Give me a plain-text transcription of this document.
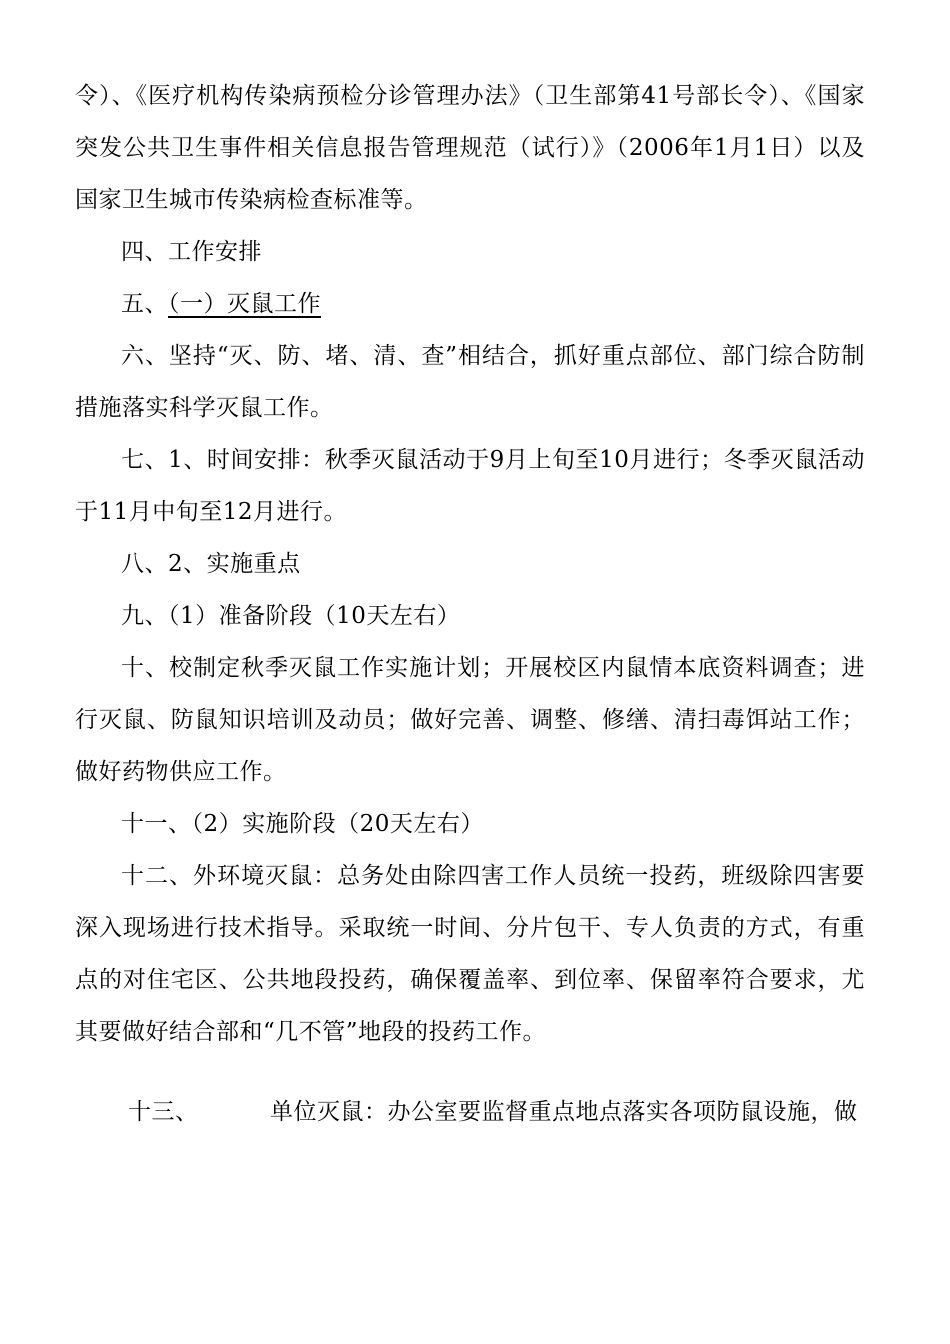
令）、《医疗机构传染病预检分诊管理办法》（卫生部第41号部长令）、《国家突发公共卫生事件相关信息报告管理规范（试行）》（2006年1月1日）以及国家卫生城市传染病检查标准等。

四、工作安排

五、（一）灭鼠工作

六、坚持“灭、防、堵、清、查”相结合，抓好重点部位、部门综合防制措施落实科学灭鼠工作。

七、1、时间安排：秋季灭鼠活动于9月上旬至10月进行；冬季灭鼠活动于11月中旬至12月进行。

八、2、实施重点

九、（1）准备阶段（10天左右）

十、校制定秋季灭鼠工作实施计划；开展校区内鼠情本底资料调查；进行灭鼠、防鼠知识培训及动员；做好完善、调整、修缮、清扫毒饵站工作；做好药物供应工作。

十一、（2）实施阶段（20天左右）

十二、外环境灭鼠：总务处由除四害工作人员统一投药，班级除四害要深入现场进行技术指导。采取统一时间、分片包干、专人负责的方式，有重点的对住宅区、公共地段投药，确保覆盖率、到位率、保留率符合要求，尤其要做好结合部和“几不管”地段的投药工作。

十三、	单位灭鼠：办公室要监督重点地点落实各项防鼠设施，做
